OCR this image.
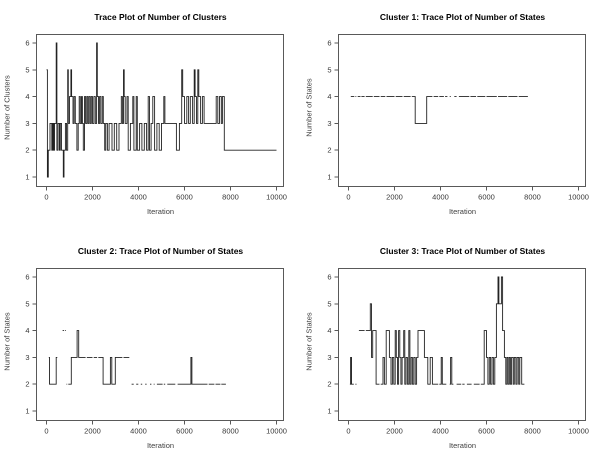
Trace Plot of Number of Clusters
Number of Clusters
0	2000	4000	6000	8000	10000
1
2
3
4
5
6
Iteration
Cluster 1: Trace Plot of Number of States
Number of States
0	2000	4000	6000	8000	10000
1
2
3
4
5
6
Iteration
Cluster 2: Trace Plot of Number of States
Number of States
0	2000	4000	6000	8000	10000
1
2
3
4
5
6
Iteration
Cluster 3: Trace Plot of Number of States
Number of States
0	2000	4000	6000	8000	10000
1
2
3
4
5
6
Iteration
